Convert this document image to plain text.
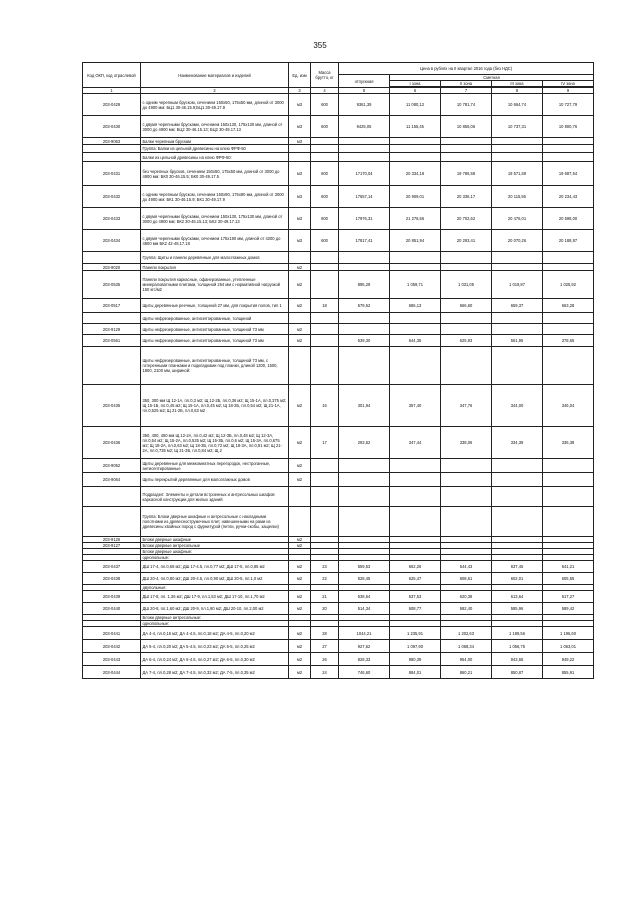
355
Код ОКП, код отраслевой	Наименование материалов и изделий	Ед. изм	Масса брутто, кг	Цена в рублях на II квартал 2016 года (без НДС)				
				отпускная	Сметная			
					I зона	II зона	III зона	IV зона

1	2	3	4	5	6	7	8	9
203-0429	с одним черепным бруском, сечением 150х50, 175х50 мм, длиной от 3000 до 4900 мм: БЦ1 30-46.15.9;БЦ1 30-49.17.9	м3	600	9361,39	11 080,13	10 781,74	10 664,74	10 727,79
203-0430	с двумя черепными брусками, сечением 150х130, 175х130 мм, длиной от 3000 до 4900 мм: БЦ2 30-46.15.13; БЦ2 30-49.17.13	м3	600	9425,05	11 155,45	10 855,06	10 737,31	10 800,76
203-9063	Балки черепным брускам	м3						
	Группа: Балки из цельной древесины на клею ФРФ-50							
	Балки из цельной древесины на клею ФРФ-50:							
203-0431	без черепных брусков, сечением 150х50, 175х50 мм, длиной от 3000 до 4900 мм: БК0 30-46.15.5; БК0 30-49.17.5	м3	600	17170,04	20 334,18	19 786,58	19 571,59	19 687,54
203-0432	с одним черепным бруском, сечением 150х90, 175х90 мм, длиной от 3000 до 4900 мм: БК1 30-46.15.9; БК1 30-49.17.9	м3	600	17657,14	20 909,01	20 336,17	20 115,56	20 234,43
203-0433	с двумя черепными брусками, сечением 150х130, 175х130 мм, длиной от 3000 до 4900 мм: БК2 30-46.15.13; БК2 30-49.17.13	м3	600	17976,31	21 276,56	20 702,62	20 476,01	20 598,00
203-0434	с двумя черепными брусками, сечением 175х190 мм, длиной от 4200 до 4800 мм БК2 42-48.17.18	м3	600	17817,41	20 851,94	20 293,41	20 070,26	20 188,87
	Группа: Щиты и панели деревянные для малоэтажных домов							
203-9020	Панели покрытия	м2						
203-0535	Панели покрытия каркасные, офанерованные, утепленные минераловатными плитами, толщиной 264 мм с нормативной нагрузкой 150 кгс/м2	м2		895,29	1 059,71	1 031,05	1 019,87	1 025,92
203-0517	Щиты деревянные реечные, толщиной 27 мм, для покрытия полов, тип 1	м2	18	579,62	686,13	666,60	659,37	663,28
	Щиты нефрезерованные, антисептированные, толщиной							
203-9129	Щиты нефрезерованные, антисептированные, толщиной 73 мм	м2						
203-0561	Щиты нефрезерованные, антисептированные, толщиной 73 мм	м2		539,30	644,35	625,93	561,95	378,65
	Щиты нефрезерованные, антисептированные, толщиной 73 мм, с готеренными планками и подкладками под планки, длиной 1200, 1500, 1800, 2100 мм, шириной:							
203-0435	350, 300 мм Щ 12-1А, пл.0,3 м2; Щ 12-2Б, пл.0,36 м2; Щ 15-1А, пл.0,375 м2; Щ 15-1Б, пл.0,45 м2; Щ 15-1А, пл.0,45 м2; Щ 18-2Б, пл.0,54 м2; Щ 21-1А, пл.0,525 м2; Щ 21-2Б, пл.0,63 м2	м2	16	301,94	357,40	347,76	344,00	346,04
203-0436	350, 400, 450 мм Щ 12-2А, пл.0,42 м2; Щ 12-3Б, пл.0,48 м2; Щ 12-3А, пл.0,54 м2; Щ 15-2А, пл.0,525 м2; Щ 15-3Б, пл.0,6 м2; Щ 15-3А, пл.0,675 м2; Щ 18-2А, пл.0,63 м2; Щ 18-3Б, пл.0,72 м2; Щ 18-3А, пл.0,81 м2; Щ 21-2А, пл.0,735 м2; Щ 21-3Б, пл.0,84 м2; Щ 2	м2	17	293,52	347,44	338,06	334,39	336,38
203-9052	Щиты деревянные для межкомнатных перегородок, нестроганные, антисептированные	м2						
203-9064	Щиты перекрытий деревянные для малоэтажных домов	м2						
	Подраздел: Элементы и детали встроенных и антресольных шкафов каркасной конструкции для жилых зданий							
	Группа: Блоки дверные шкафные и антресольные с накладными полотнами из древесностружечных плит, навешенными на рами из древесины хвойных пород с фурнитурой (петли, ручки-скобы, защелки)							
203-9126	Блоки дверные шкафные	м2						
203-9127	Блоки дверные антресольные	м2						
	Блоки дверные шкафные:							
	однопольные:							
203-0437	ДШ 17-4, пл.0,68 м2; ДШ 17-4.5, пл.0,77 м2; ДШ 17-5, пл.0,85 м2	м2	23	559,53	662,26	644,43	637,45	641,21
203-0438	ДШ 20-4, пл.0,80 м2; ДШ 20-4.5, пл.0,90 м2; ДШ 20-5, пл.1,0 м2	м2	22	528,45	625,47	608,61	602,01	605,55
	двупольные:							
203-0439	ДШ 17-8, пл. 1,36 м2; ДШ 17-9, пл.1,53 м2; ДШ 17-10, пл.1,70 м2	м2	21	538,64	637,53	620,38	613,64	617,27
203-0440	ДШ 20-8, пл.1,60 м2; ДШ 20-9, пл.1,80 м2; ДШ 20-10, пл.2,00 м2	м2	20	514,34	608,77	592,40	585,96	589,42
	Блоки дверные антресольные:							
	однопольные:							
203-0441	ДА 4-4, пл.0,16 м2; ДА 4-4.5, пл.0,18 м2; ДА 4-5, пл.0,20 м2	м2	28	1044,21	1 235,91	1 202,63	1 189,56	1 196,60
203-0442	ДА 5-4, пл.0,20 м2; ДА 5-4.5, пл.0,23 м2; ДА 5-5, пл.0,25 м2	м2	27	927,62	1 097,90	1 068,34	1 056,75	1 063,01
203-0443	ДА 6-4, пл.0,24 м2; ДА 6-4.5, пл.0,27 м2; ДА 6-5, пл.0,30 м2	м2	26	828,33	980,39	954,00	943,65	949,22
203-0444	ДА 7-4, пл.0,28 м2; ДА 7-4.5, пл.0,32 м2; ДА 7-5, пл.0,35 м2	м2	24	746,60	884,01	860,21	850,87	855,91
